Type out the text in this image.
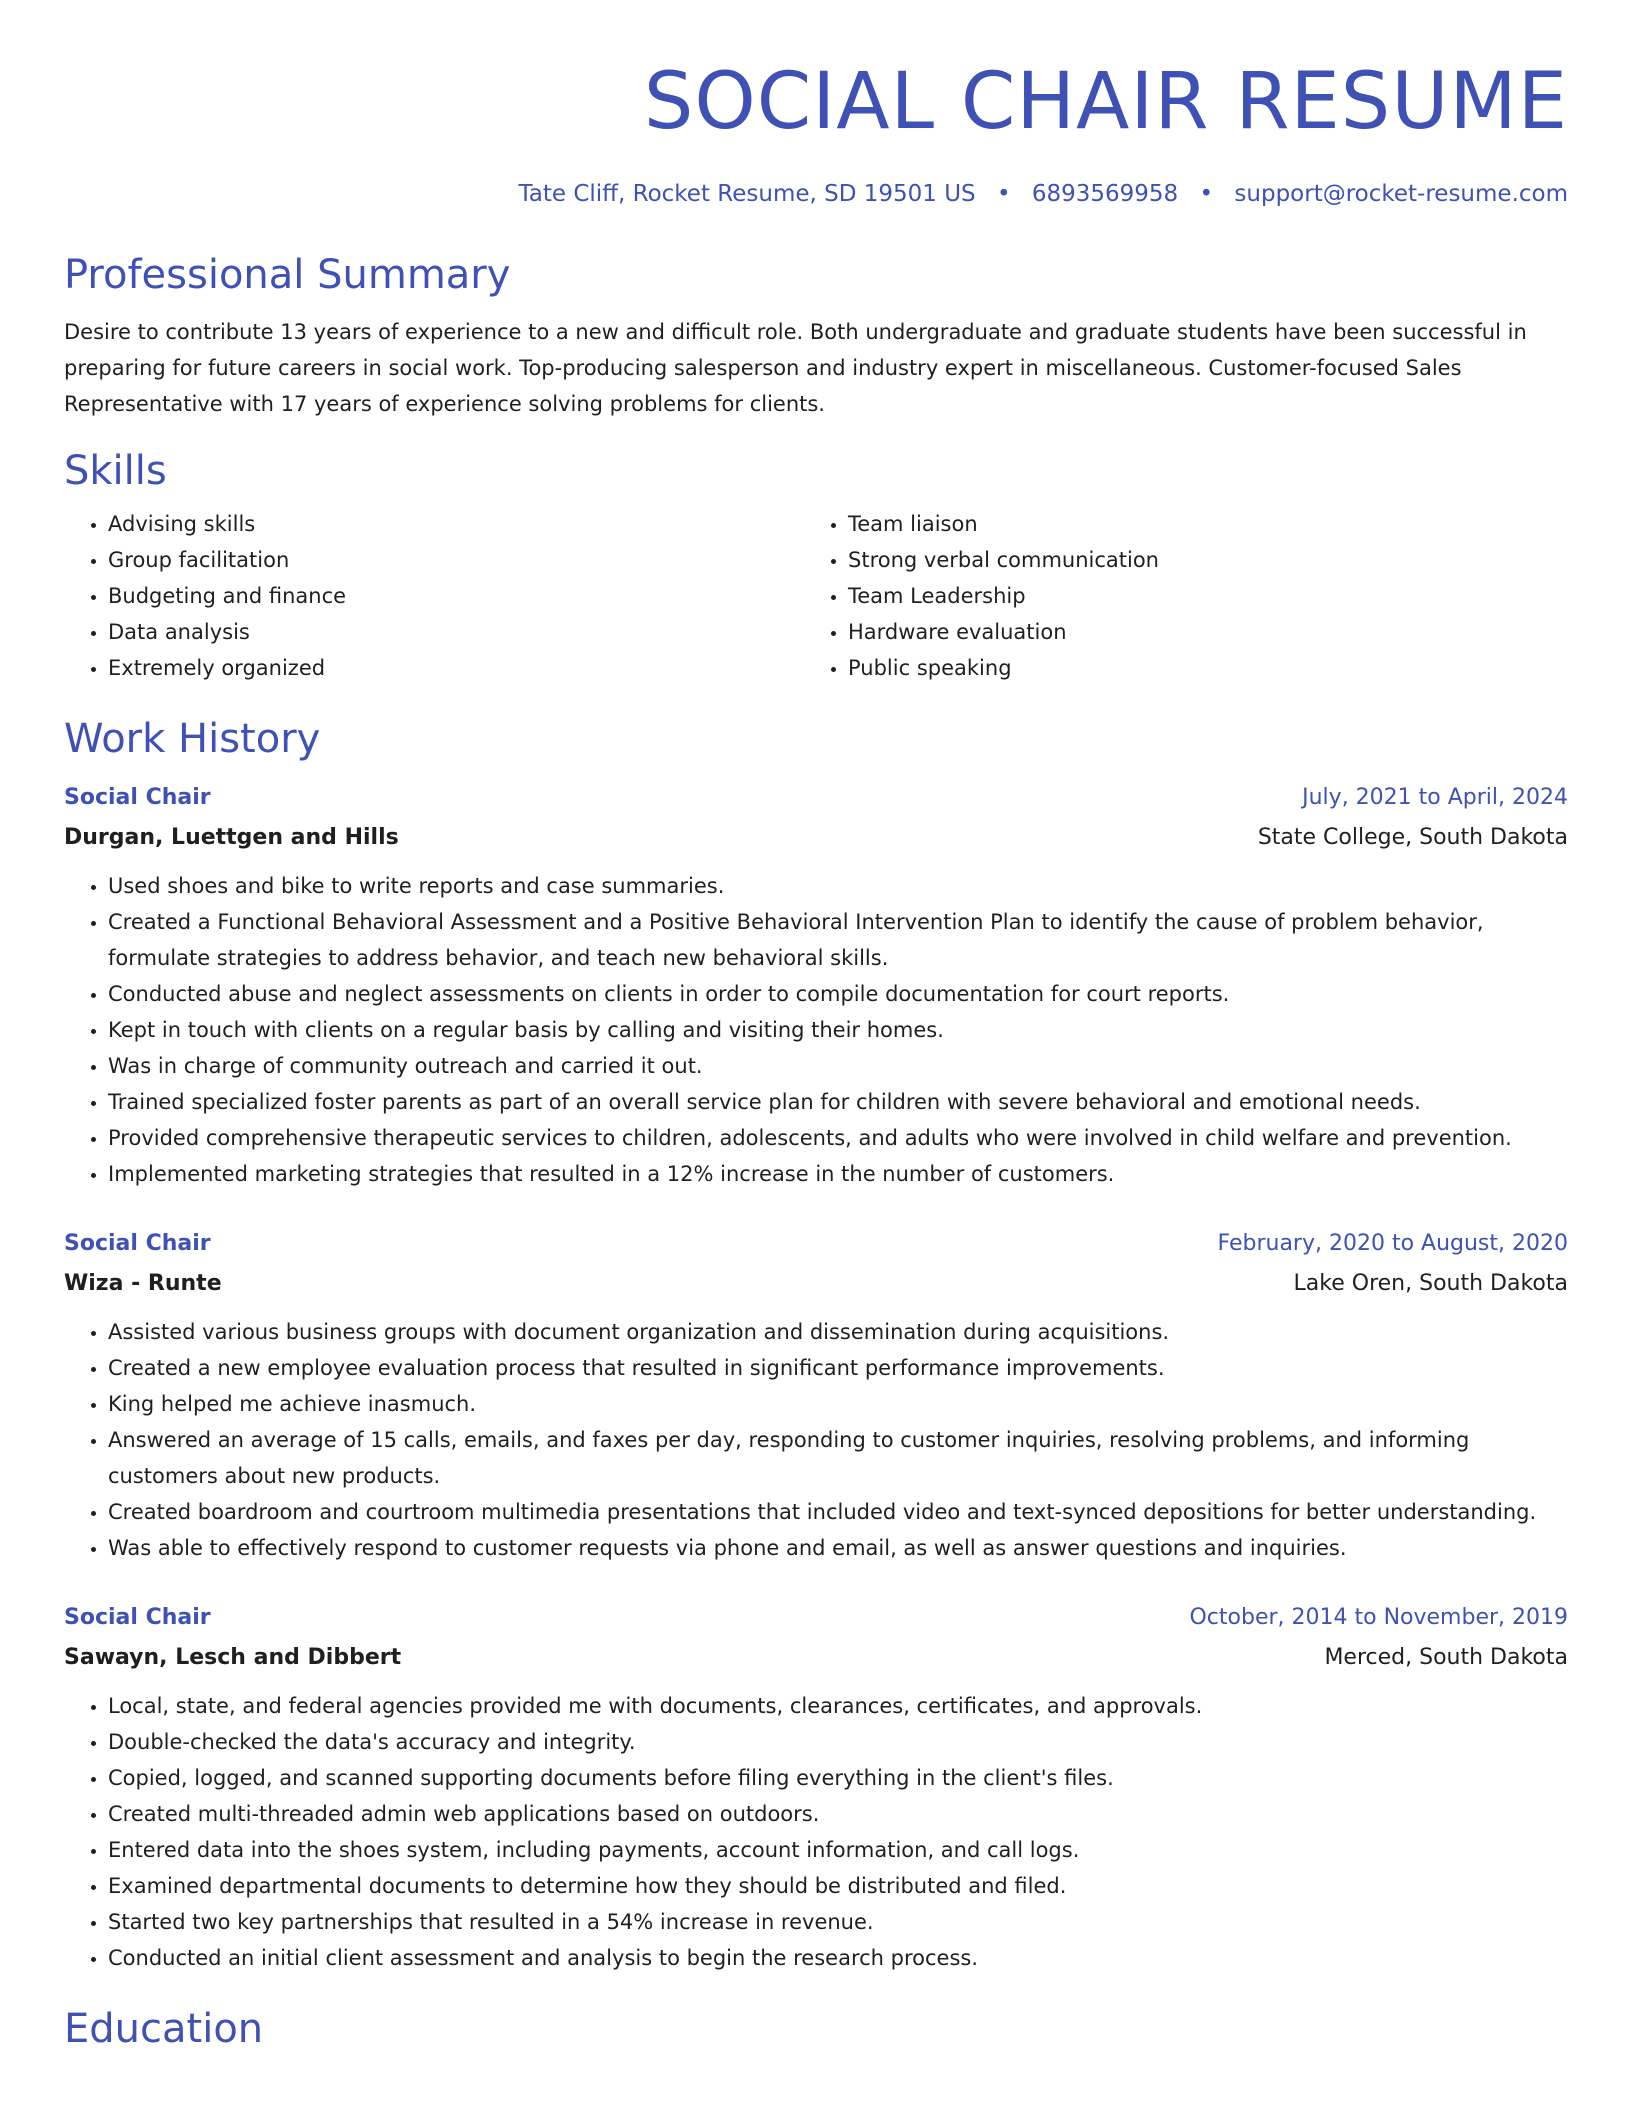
SOCIAL CHAIR RESUME
Tate Cliff, Rocket Resume, SD 19501 US • 6893569958 • support@rocket-resume.com
Professional Summary

Desire to contribute 13 years of experience to a new and difficult role. Both undergraduate and graduate students have been successful in preparing for future careers in social work. Top-producing salesperson and industry expert in miscellaneous. Customer-focused Sales Representative with 17 years of experience solving problems for clients.

Skills
• Advising skills
• Group facilitation
• Budgeting and finance
• Data analysis
• Extremely organized
• Team liaison
• Strong verbal communication
• Team Leadership
• Hardware evaluation
• Public speaking
Work History
Social Chair	July, 2021 to April, 2024
Durgan, Luettgen and Hills	State College, South Dakota
• Used shoes and bike to write reports and case summaries.
• Created a Functional Behavioral Assessment and a Positive Behavioral Intervention Plan to identify the cause of problem behavior, formulate strategies to address behavior, and teach new behavioral skills.
• Conducted abuse and neglect assessments on clients in order to compile documentation for court reports.
• Kept in touch with clients on a regular basis by calling and visiting their homes.
• Was in charge of community outreach and carried it out.
• Trained specialized foster parents as part of an overall service plan for children with severe behavioral and emotional needs.
• Provided comprehensive therapeutic services to children, adolescents, and adults who were involved in child welfare and prevention.
• Implemented marketing strategies that resulted in a 12% increase in the number of customers.
Social Chair	February, 2020 to August, 2020
Wiza - Runte	Lake Oren, South Dakota
• Assisted various business groups with document organization and dissemination during acquisitions.
• Created a new employee evaluation process that resulted in significant performance improvements.
• King helped me achieve inasmuch.
• Answered an average of 15 calls, emails, and faxes per day, responding to customer inquiries, resolving problems, and informing customers about new products.
• Created boardroom and courtroom multimedia presentations that included video and text-synced depositions for better understanding.
• Was able to effectively respond to customer requests via phone and email, as well as answer questions and inquiries.
Social Chair	October, 2014 to November, 2019
Sawayn, Lesch and Dibbert	Merced, South Dakota
• Local, state, and federal agencies provided me with documents, clearances, certificates, and approvals.
• Double-checked the data's accuracy and integrity.
• Copied, logged, and scanned supporting documents before filing everything in the client's files.
• Created multi-threaded admin web applications based on outdoors.
• Entered data into the shoes system, including payments, account information, and call logs.
• Examined departmental documents to determine how they should be distributed and filed.
• Started two key partnerships that resulted in a 54% increase in revenue.
• Conducted an initial client assessment and analysis to begin the research process.
Education
